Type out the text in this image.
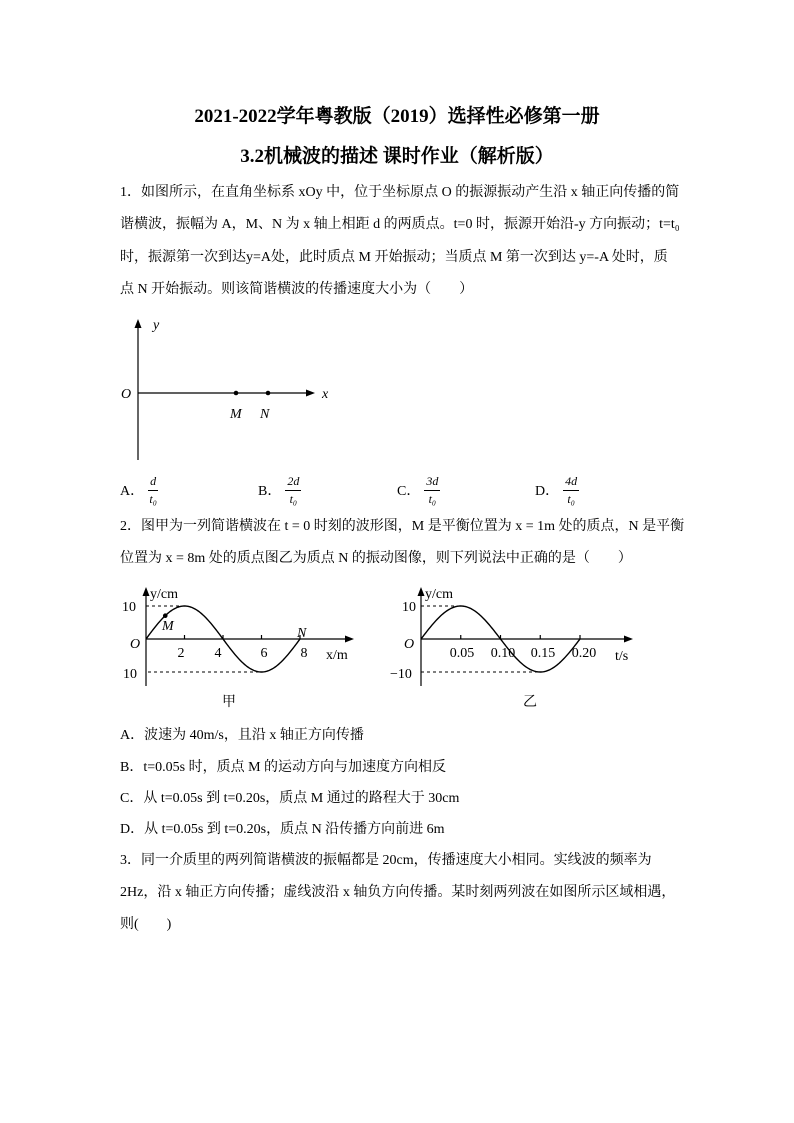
2021-2022学年粤教版（2019）选择性必修第一册
3.2机械波的描述 课时作业（解析版）
1．如图所示，在直角坐标系 xOy 中，位于坐标原点 O 的振源振动产生沿 x 轴正向传播的简
谐横波，振幅为 A，M、N 为 x 轴上相距 d 的两质点。t=0 时，振源开始沿-y 方向振动；t=t₀
时，振源第一次到达y=A处，此时质点 M 开始振动；当质点 M 第一次到达 y=-A 处时，质
点 N 开始振动。则该简谐横波的传播速度大小为（　　）
y
O	x
M N
A． $\frac{d}{\text{t₀}}$	B． $\frac{2d}{\text{t₀}}$	C． $\frac{3d}{\text{t₀}}$	D． $\frac{4d}{\text{t₀}}$
2．图甲为一列简谐横波在 t = 0 时刻的波形图，M 是平衡位置为 x = 1m 处的质点，N 是平衡
位置为 x = 8m 处的质点图乙为质点 N 的振动图像，则下列说法中正确的是（　　）
y/cm
10
10
O
2 4	6 8 x/m
M	N
y/cm
10
−10
O
0.05 0.10 0.15 0.20 t/s
甲	乙
A．波速为 40m/s，且沿 x 轴正方向传播
B．t=0.05s 时，质点 M 的运动方向与加速度方向相反
C．从 t=0.05s 到 t=0.20s，质点 M 通过的路程大于 30cm
D．从 t=0.05s 到 t=0.20s，质点 N 沿传播方向前进 6m
3．同一介质里的两列简谐横波的振幅都是 20cm，传播速度大小相同。实线波的频率为
2Hz，沿 x 轴正方向传播；虚线波沿 x 轴负方向传播。某时刻两列波在如图所示区域相遇，
则(　　)
